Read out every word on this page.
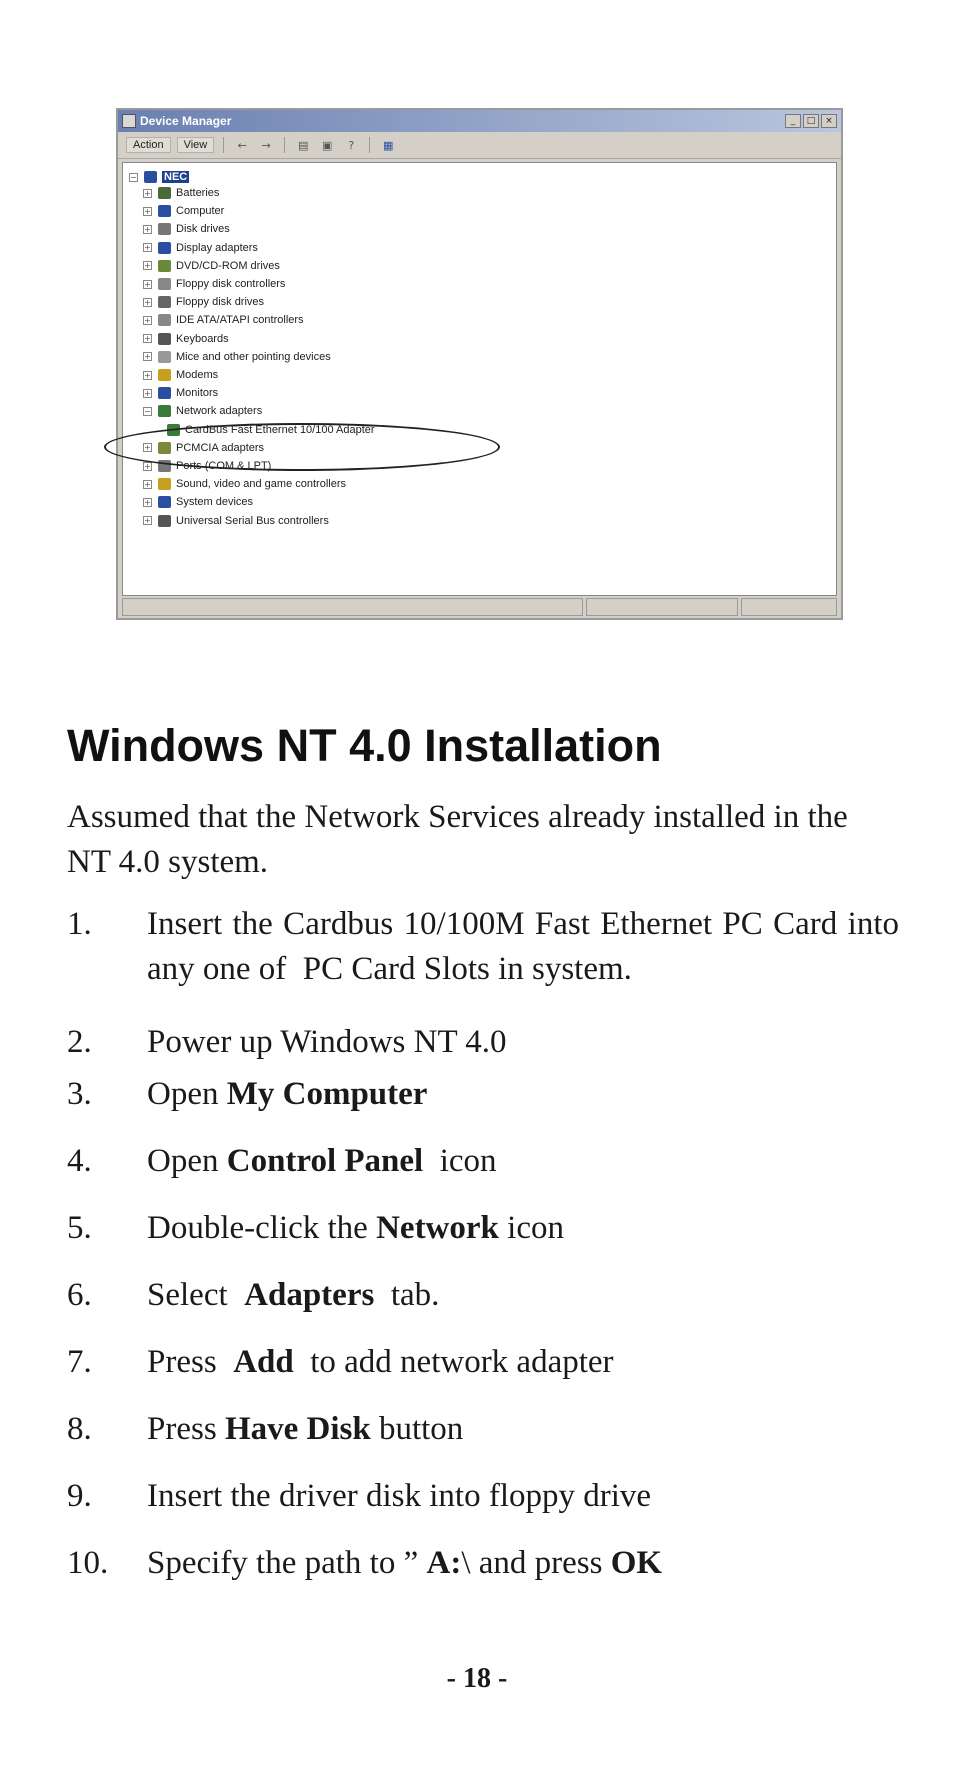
Device Manager	_	□	×
Action	View	←	→	▤	▣	?	▦
− NEC
+ Batteries
+ Computer
+ Disk drives
+ Display adapters
+ DVD/CD-ROM drives
+ Floppy disk controllers
+ Floppy disk drives
+ IDE ATA/ATAPI controllers
+ Keyboards
+ Mice and other pointing devices
+ Modems
+ Monitors
− Network adapters
CardBus Fast Ethernet 10/100 Adapter
+ PCMCIA adapters
+ Ports (COM & LPT)
+ Sound, video and game controllers
+ System devices
+ Universal Serial Bus controllers
Windows NT 4.0 Installation

Assumed that the Network Services already installed in the NT 4.0 system.

1.	Insert the Cardbus 10/100M Fast Ethernet PC Card into any one of  PC Card Slots in system.
2.	Power up Windows NT 4.0
3.	Open My Computer
4.	Open Control Panel  icon
5.	Double-click the Network icon
6.	Select  Adapters  tab.
7.	Press  Add  to add network adapter
8.	Press Have Disk button
9.	Insert the driver disk into floppy drive
10.	Specify the path to ” A:\ and press OK
- 18 -
